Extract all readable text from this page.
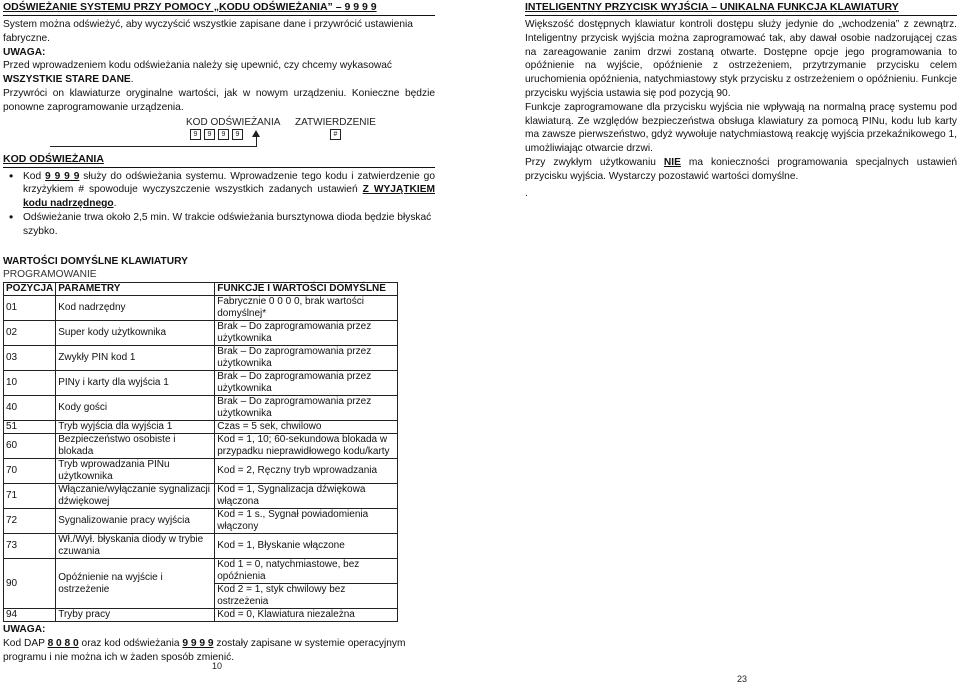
ODŚWIEŻANIE SYSTEMU PRZY POMOCY „KODU ODŚWIEŻANIA” – 9 9 9 9
System można odświeżyć, aby wyczyścić wszystkie zapisane dane i przywrócić ustawienia fabryczne.
UWAGA:
Przed wprowadzeniem kodu odświeżania należy się upewnić, czy chcemy wykasować WSZYSTKIE STARE DANE.
Przywróci on klawiaturze oryginalne wartości, jak w nowym urządzeniu. Konieczne będzie ponowne zaprogramowanie urządzenia.
KOD ODŚWIEŻANIA ZATWIERDZENIE
9	9	9	9	#
KOD ODŚWIEŻANIA
• Kod 9 9 9 9 służy do odświeżania systemu. Wprowadzenie tego kodu i zatwierdzenie go krzyżykiem # spowoduje wyczyszczenie wszystkich zadanych ustawień Z WYJĄTKIEM kodu nadrzędnego.
• Odświeżanie trwa około 2,5 min. W trakcie odświeżania bursztynowa dioda będzie błyskać szybko.
WARTOŚCI DOMYŚLNE KLAWIATURY
PROGRAMOWANIE
POZYCJA	PARAMETRY	FUNKCJE I WARTOŚCI DOMYŚLNE
01	Kod nadrzędny	Fabrycznie 0 0 0 0, brak wartości domyślnej*
02	Super kody użytkownika	Brak – Do zaprogramowania przez użytkownika
03	Zwykły PIN kod 1	Brak – Do zaprogramowania przez użytkownika
10	PINy i karty dla wyjścia 1	Brak – Do zaprogramowania przez użytkownika
40	Kody gości	Brak – Do zaprogramowania przez użytkownika
51	Tryb wyjścia dla wyjścia 1	Czas = 5 sek, chwilowo
60	Bezpieczeństwo osobiste i blokada	Kod = 1, 10; 60-sekundowa blokada w przypadku nieprawidłowego kodu/karty
70	Tryb wprowadzania PINu użytkownika	Kod = 2, Ręczny tryb wprowadzania
71	Włączanie/wyłączanie sygnalizacji dźwiękowej	Kod = 1, Sygnalizacja dźwiękowa włączona
72	Sygnalizowanie pracy wyjścia	Kod = 1 s., Sygnał powiadomienia włączony
73	Wł./Wył. błyskania diody w trybie czuwania	Kod = 1, Błyskanie włączone
90	Opóźnienie na wyjście i ostrzeżenie	Kod 1 = 0, natychmiastowe, bez opóźnienia
Kod 2 = 1, styk chwilowy bez ostrzeżenia

94	Tryby pracy	Kod = 0, Klawiatura niezależna
UWAGA:
Kod DAP 8 0 8 0 oraz kod odświeżania 9 9 9 9 zostały zapisane w systemie operacyjnym programu i nie można ich w żaden sposób zmienić.
10
INTELIGENTNY PRZYCISK WYJŚCIA – UNIKALNA FUNKCJA KLAWIATURY
Większość dostępnych klawiatur kontroli dostępu służy jedynie do „wchodzenia” z zewnątrz. Inteligentny przycisk wyjścia można zaprogramować tak, aby dawał osobie nadzorującej czas na zareagowanie zanim drzwi zostaną otwarte. Dostępne opcje jego programowania to opóźnienie na wyjście, opóźnienie z ostrzeżeniem, przytrzymanie przycisku celem uruchomienia opóźnienia, natychmiastowy styk przycisku z ostrzeżeniem o opóźnieniu. Funkcje przycisku wyjścia ustawia się pod pozycją 90.
Funkcje zaprogramowane dla przycisku wyjścia nie wpływają na normalną pracę systemu pod klawiaturą. Ze względów bezpieczeństwa obsługa klawiatury za pomocą PINu, kodu lub karty ma zawsze pierwszeństwo, gdyż wywołuje natychmiastową reakcję wyjścia przekaźnikowego 1, umożliwiając otwarcie drzwi.
Przy zwykłym użytkowaniu NIE ma konieczności programowania specjalnych ustawień przycisku wyjścia. Wystarczy pozostawić wartości domyślne.
.
23
